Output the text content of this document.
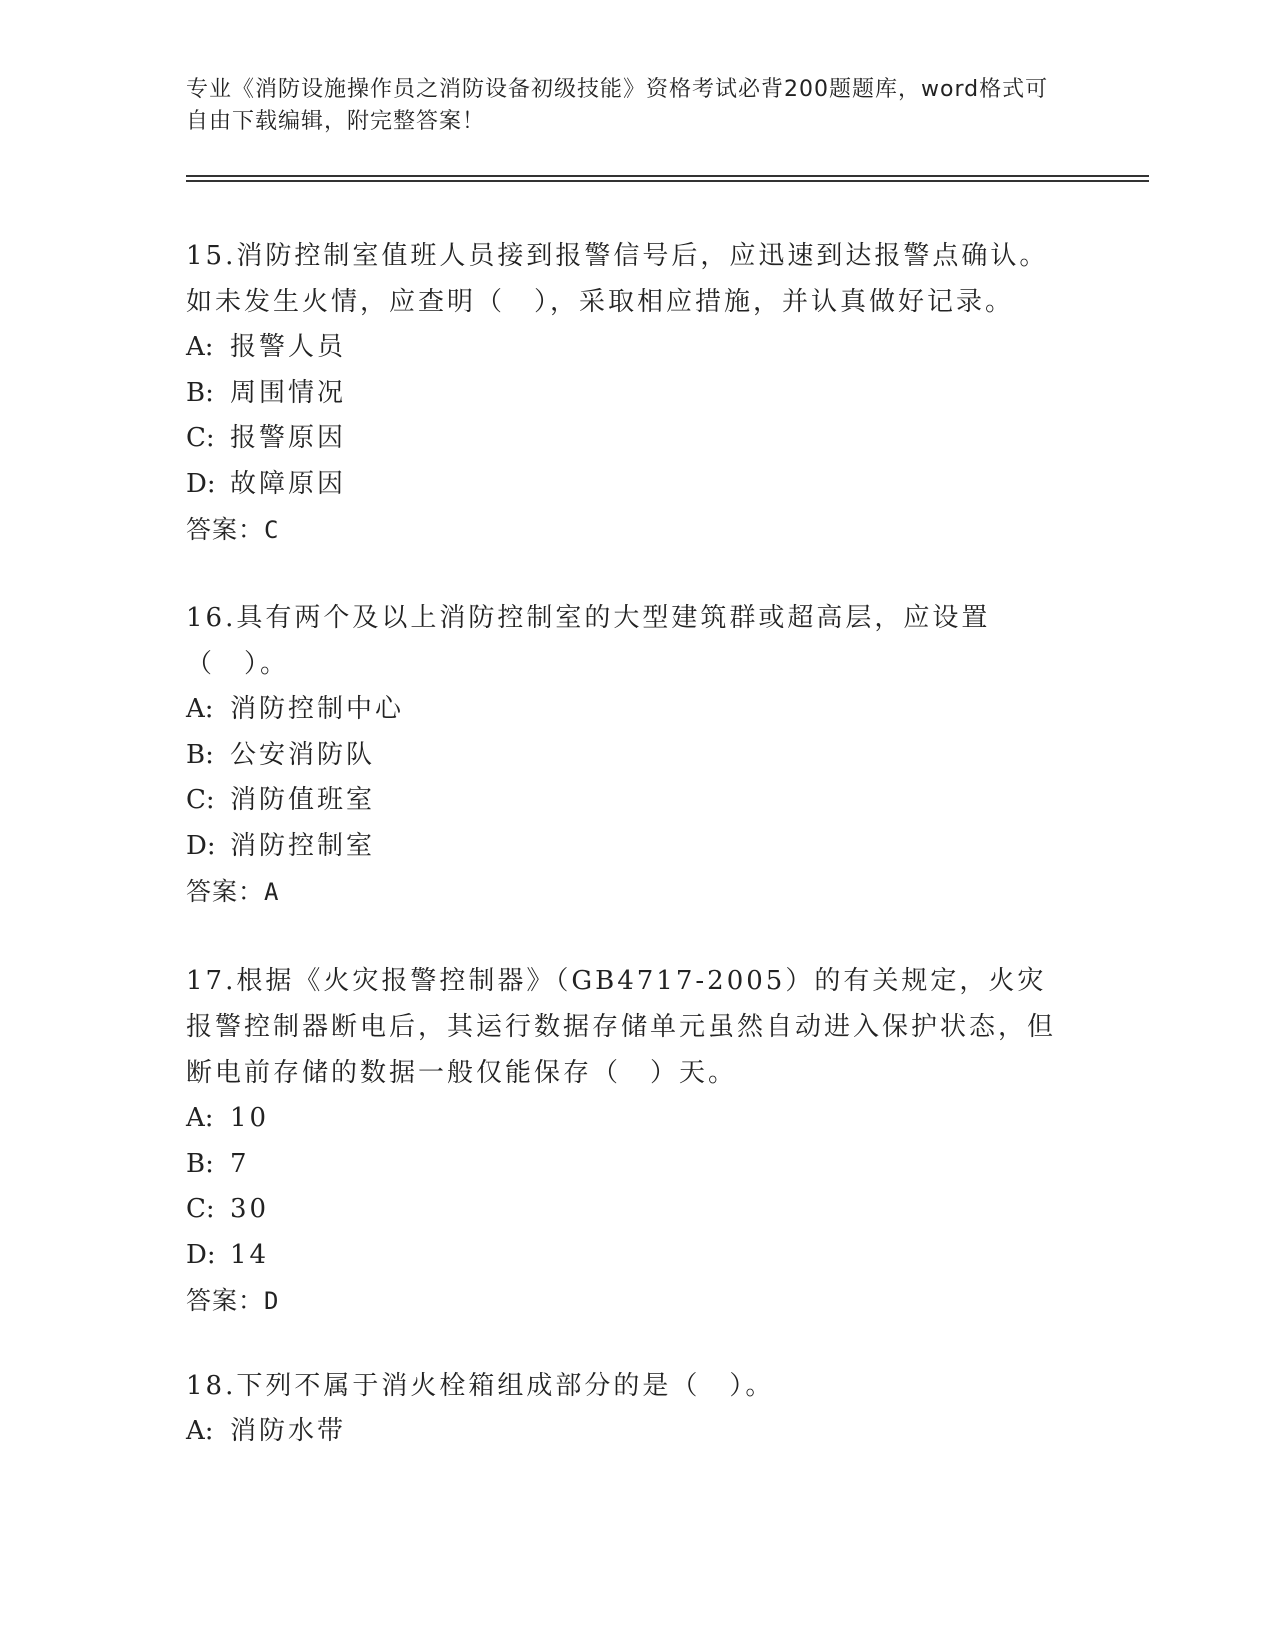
专业《消防设施操作员之消防设备初级技能》资格考试必背200题题库，word格式可自由下载编辑，附完整答案！

15.消防控制室值班人员接到报警信号后，应迅速到达报警点确认。如未发生火情，应查明（　），采取相应措施，并认真做好记录。

A: 报警人员

B: 周围情况

C: 报警原因

D: 故障原因

答案：C

16.具有两个及以上消防控制室的大型建筑群或超高层，应设置（　）。

A: 消防控制中心

B: 公安消防队

C: 消防值班室

D: 消防控制室

答案：A

17.根据《火灾报警控制器》（GB4717-2005）的有关规定，火灾报警控制器断电后，其运行数据存储单元虽然自动进入保护状态，但断电前存储的数据一般仅能保存（　）天。

A: 10

B: 7

C: 30

D: 14

答案：D

18.下列不属于消火栓箱组成部分的是（　）。

A: 消防水带
